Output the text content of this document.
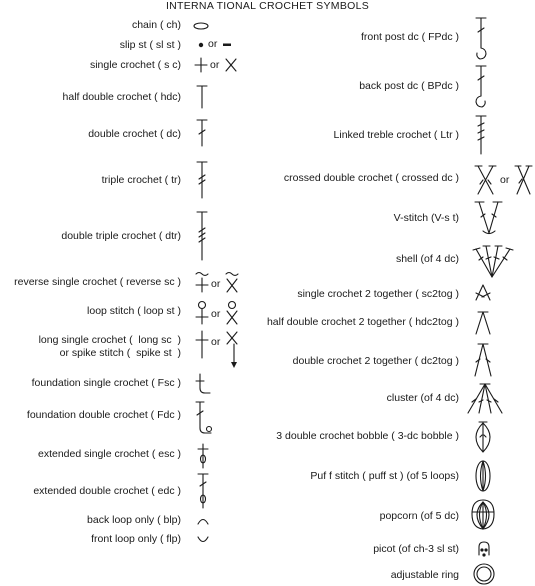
INTERNA TIONAL CROCHET SYMBOLS
chain ( ch)
slip st ( sl st )
single crochet ( s c)
half double crochet ( hdc)
double crochet ( dc)
triple crochet ( tr)
double triple crochet ( dtr)
reverse single crochet ( reverse sc )
loop stitch ( loop st )
long single crochet (  long sc  )
or spike stitch (  spike st  )
foundation single crochet ( Fsc )
foundation double crochet ( Fdc )
extended single crochet ( esc )
extended double crochet ( edc )
back loop only ( blp)
front loop only ( flp)
or
or
or
or
or
front post dc ( FPdc )
back post dc ( BPdc )
Linked treble crochet ( Ltr )
crossed double crochet ( crossed dc )
V-stitch (V-s t)
shell (of 4 dc)
single crochet 2 together ( sc2tog )
half double crochet 2 together ( hdc2tog )
double crochet 2 together ( dc2tog )
cluster (of 4 dc)
3 double crochet bobble ( 3-dc bobble )
Puf f stitch ( puff st ) (of 5 loops)
popcorn (of 5 dc)
picot (of ch-3 sl st)
adjustable ring
or
